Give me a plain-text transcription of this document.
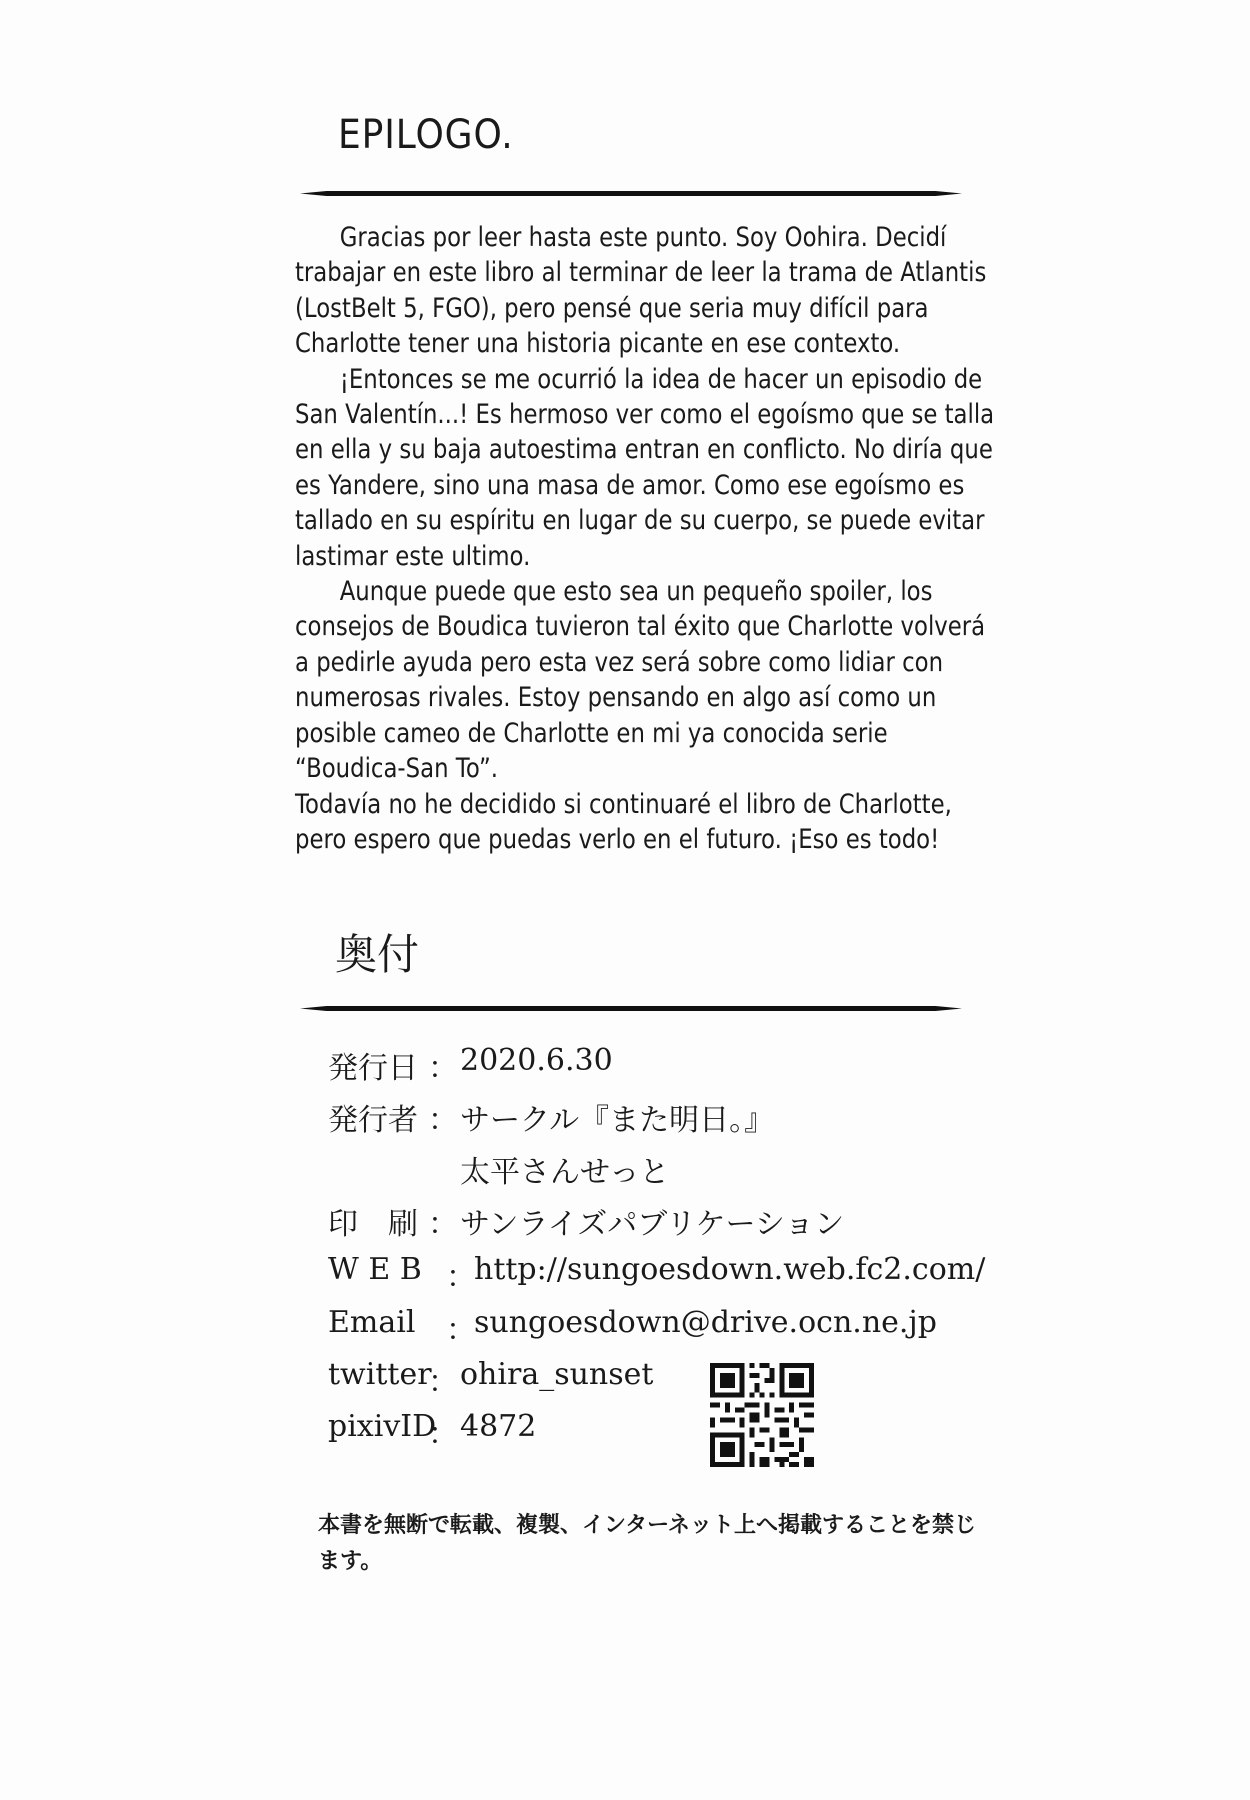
EPILOGO.

Gracias por leer hasta este punto. Soy Oohira. Decidí trabajar en este libro al terminar de leer la trama de Atlantis (LostBelt 5, FGO), pero pensé que seria muy difícil para Charlotte tener una historia picante en ese contexto.

¡Entonces se me ocurrió la idea de hacer un episodio de San Valentín...! Es hermoso ver como el egoísmo que se talla en ella y su baja autoestima entran en conflicto. No diría que es Yandere, sino una masa de amor. Como ese egoísmo es tallado en su espíritu en lugar de su cuerpo, se puede evitar lastimar este ultimo.

Aunque puede que esto sea un pequeño spoiler, los consejos de Boudica tuvieron tal éxito que Charlotte volverá a pedirle ayuda pero esta vez será sobre como lidiar con numerosas rivales. Estoy pensando en algo así como un posible cameo de Charlotte en mi ya conocida serie “Boudica-San To”.

Todavía no he decidido si continuaré el libro de Charlotte, pero espero que puedas verlo en el futuro. ¡Eso es todo!

奥付
発行日 ： 2020.6.30
発行者 ： サークル『また明日。』
太平さんせっと
印　刷 ： サンライズパブリケーション
W E B ：
http://sungoesdown.web.fc2.com/
Email ：
sungoesdown@drive.ocn.ne.jp
twitter
： ohira_sunset
pixivID
： 4872
本書を無断で転載、複製、インターネット上へ掲載することを禁じます。
